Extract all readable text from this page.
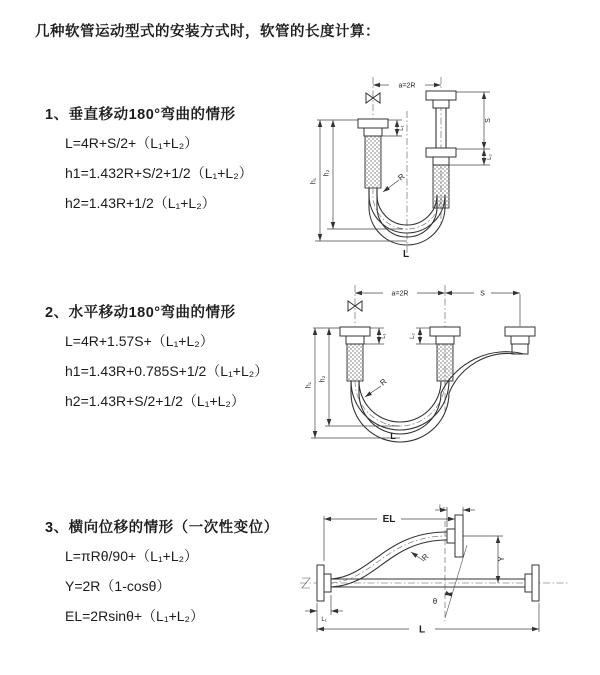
几种软管运动型式的安装方式时，软管的长度计算：
1、垂直移动180°弯曲的情形
L=4R+S/2+（L₁+L₂）
h1=1.432R+S/2+1/2（L₁+L₂）
h2=1.43R+1/2（L₁+L₂）
2、水平移动180°弯曲的情形
L=4R+1.57S+（L₁+L₂）
h1=1.43R+0.785S+1/2（L₁+L₂）
h2=1.43R+S/2+1/2（L₁+L₂）
3、横向位移的情形（一次性变位）
L=πRθ/90+（L₁+L₂）
Y=2R（1-cosθ）
EL=2Rsinθ+（L₁+L₂）
a=2R
L₁
S
L₂
h₂
h₁	R
L
a=2R	S
L₁	L₂
h₂
h₁	R
L
EL
L₂
Y
θ
R
L
L₁
